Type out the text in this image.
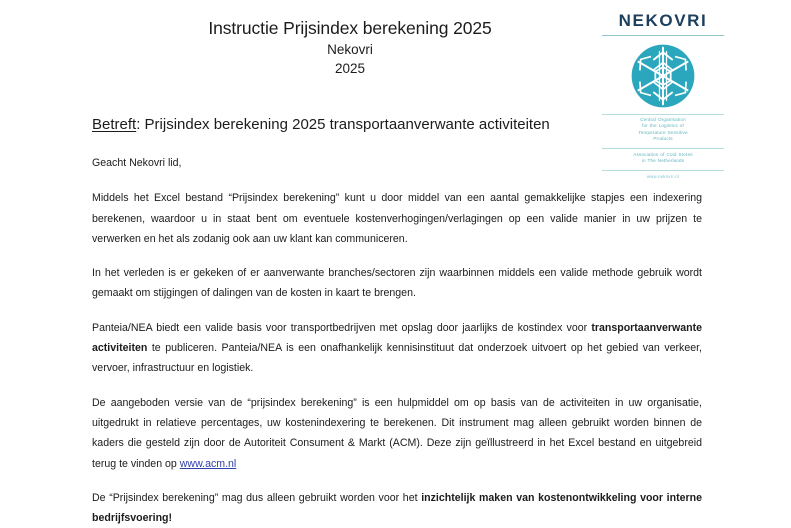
Instructie Prijsindex berekening 2025
Nekovri
2025
NEKOVRI
Central Organisation
for the Logistics of
Temperature Sensitive
Products
Association of Cold Stores
in The Netherlands
www.nekovri.nl
Betreft: Prijsindex berekening 2025 transportaanverwante activiteiten

Geacht Nekovri lid,

Middels het Excel bestand “Prijsindex berekening” kunt u door middel van een aantal gemakkelijke stapjes een indexering berekenen, waardoor u in staat bent om eventuele kostenverhogingen/verlagingen op een valide manier in uw prijzen te verwerken en het als zodanig ook aan uw klant kan communiceren.

In het verleden is er gekeken of er aanverwante branches/sectoren zijn waarbinnen middels een valide methode gebruik wordt gemaakt om stijgingen of dalingen van de kosten in kaart te brengen.

Panteia/NEA biedt een valide basis voor transportbedrijven met opslag door jaarlijks de kostindex voor transportaanverwante activiteiten te publiceren. Panteia/NEA is een onafhankelijk kennisinstituut dat onderzoek uitvoert op het gebied van verkeer, vervoer, infrastructuur en logistiek.

De aangeboden versie van de “prijsindex berekening” is een hulpmiddel om op basis van de activiteiten in uw organisatie, uitgedrukt in relatieve percentages, uw kostenindexering te berekenen. Dit instrument mag alleen gebruikt worden binnen de kaders die gesteld zijn door de Autoriteit Consument & Markt (ACM). Deze zijn geïllustreerd in het Excel bestand en uitgebreid terug te vinden op www.acm.nl

De “Prijsindex berekening” mag dus alleen gebruikt worden voor het inzichtelijk maken van kostenontwikkeling voor interne bedrijfsvoering!
